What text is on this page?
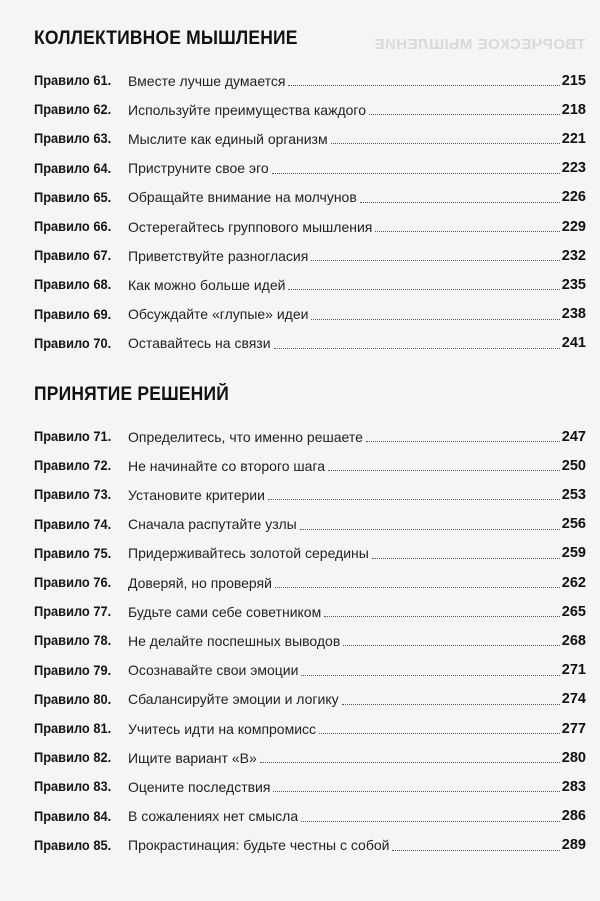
ТВОРЧЕСКОЕ МЫШЛЕНИЕ
КОЛЛЕКТИВНОЕ МЫШЛЕНИЕ
Правило 61.	Вместе лучше думается	215
Правило 62.	Используйте преимущества каждого	218
Правило 63.	Мыслите как единый организм	221
Правило 64.	Приструните свое эго	223
Правило 65.	Обращайте внимание на молчунов	226
Правило 66.	Остерегайтесь группового мышления	229
Правило 67.	Приветствуйте разногласия	232
Правило 68.	Как можно больше идей	235
Правило 69.	Обсуждайте «глупые» идеи	238
Правило 70.	Оставайтесь на связи	241
ПРИНЯТИЕ РЕШЕНИЙ
Правило 71.	Определитесь, что именно решаете	247
Правило 72.	Не начинайте со второго шага	250
Правило 73.	Установите критерии	253
Правило 74.	Сначала распутайте узлы	256
Правило 75.	Придерживайтесь золотой середины	259
Правило 76.	Доверяй, но проверяй	262
Правило 77.	Будьте сами себе советником	265
Правило 78.	Не делайте поспешных выводов	268
Правило 79.	Осознавайте свои эмоции	271
Правило 80.	Сбалансируйте эмоции и логику	274
Правило 81.	Учитесь идти на компромисс	277
Правило 82.	Ищите вариант «В»	280
Правило 83.	Оцените последствия	283
Правило 84.	В сожалениях нет смысла	286
Правило 85.	Прокрастинация: будьте честны с собой	289
